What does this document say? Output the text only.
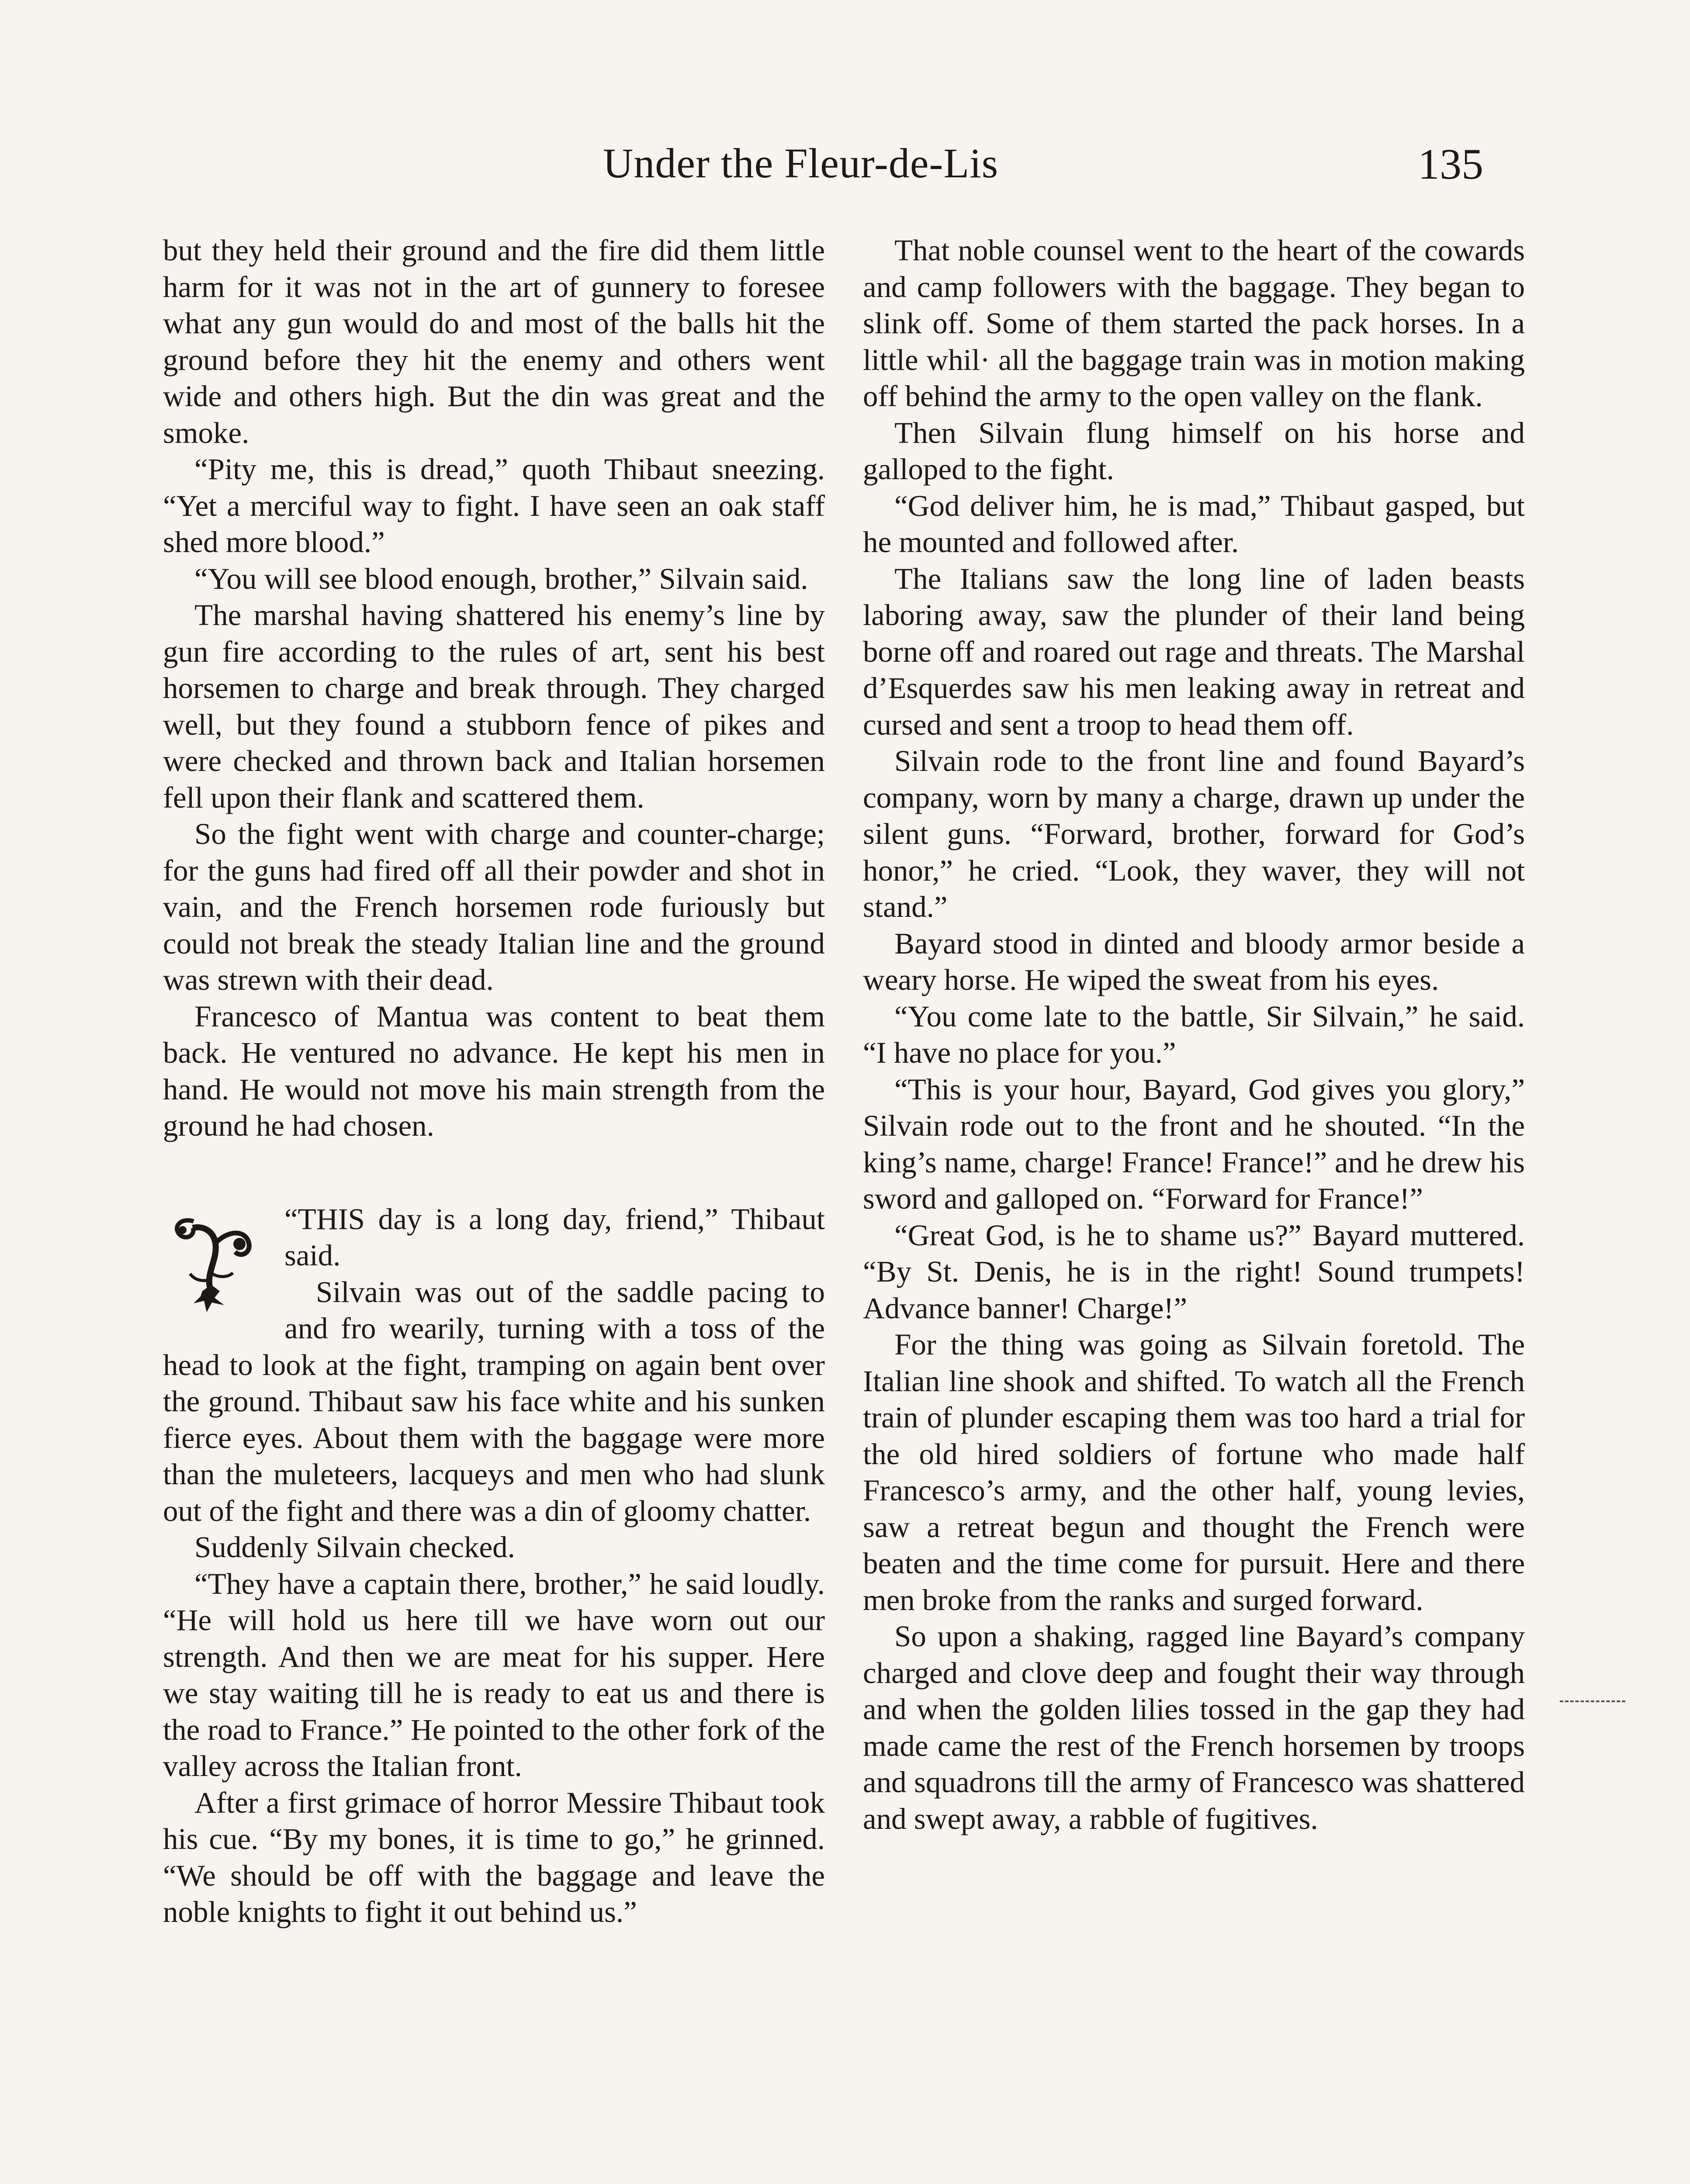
Under the Fleur-de-Lis	135

but they held their ground and the fire did them little harm for it was not in the art of gunnery to foresee what any gun would do and most of the balls hit the ground before they hit the enemy and others went wide and others high. But the din was great and the smoke.

“Pity me, this is dread,” quoth Thibaut sneezing. “Yet a merciful way to fight. I have seen an oak staff shed more blood.”

“You will see blood enough, brother,” Silvain said.

The marshal having shattered his enemy’s line by gun fire according to the rules of art, sent his best horsemen to charge and break through. They charged well, but they found a stubborn fence of pikes and were checked and thrown back and Italian horsemen fell upon their flank and scattered them.

So the fight went with charge and counter-charge; for the guns had fired off all their powder and shot in vain, and the French horsemen rode furiously but could not break the steady Italian line and the ground was strewn with their dead.

Francesco of Mantua was content to beat them back. He ventured no advance. He kept his men in hand. He would not move his main strength from the ground he had chosen.

“THIS day is a long day, friend,” Thibaut said.

Silvain was out of the saddle pacing to and fro wearily, turning with a toss of the head to look at the fight, tramping on again bent over the ground. Thibaut saw his face white and his sunken fierce eyes. About them with the baggage were more than the muleteers, lacqueys and men who had slunk out of the fight and there was a din of gloomy chatter.

Suddenly Silvain checked.

“They have a captain there, brother,” he said loudly. “He will hold us here till we have worn out our strength. And then we are meat for his supper. Here we stay waiting till he is ready to eat us and there is the road to France.” He pointed to the other fork of the valley across the Italian front.

After a first grimace of horror Messire Thibaut took his cue. “By my bones, it is time to go,” he grinned. “We should be off with the baggage and leave the noble knights to fight it out behind us.”

That noble counsel went to the heart of the cowards and camp followers with the baggage. They began to slink off. Some of them started the pack horses. In a little whil· all the baggage train was in motion making off behind the army to the open valley on the flank.

Then Silvain flung himself on his horse and galloped to the fight.

“God deliver him, he is mad,” Thibaut gasped, but he mounted and followed after.

The Italians saw the long line of laden beasts laboring away, saw the plunder of their land being borne off and roared out rage and threats. The Marshal d’Esquerdes saw his men leaking away in retreat and cursed and sent a troop to head them off.

Silvain rode to the front line and found Bayard’s company, worn by many a charge, drawn up under the silent guns. “Forward, brother, forward for God’s honor,” he cried. “Look, they waver, they will not stand.”

Bayard stood in dinted and bloody armor beside a weary horse. He wiped the sweat from his eyes.

“You come late to the battle, Sir Silvain,” he said. “I have no place for you.”

“This is your hour, Bayard, God gives you glory,” Silvain rode out to the front and he shouted. “In the king’s name, charge! France! France!” and he drew his sword and galloped on. “Forward for France!”

“Great God, is he to shame us?” Bayard muttered. “By St. Denis, he is in the right! Sound trumpets! Advance banner! Charge!”

For the thing was going as Silvain foretold. The Italian line shook and shifted. To watch all the French train of plunder escaping them was too hard a trial for the old hired soldiers of fortune who made half Francesco’s army, and the other half, young levies, saw a retreat begun and thought the French were beaten and the time come for pursuit. Here and there men broke from the ranks and surged forward.

So upon a shaking, ragged line Bayard’s company charged and clove deep and fought their way through and when the golden lilies tossed in the gap they had made came the rest of the French horsemen by troops and squadrons till the army of Francesco was shattered and swept away, a rabble of fugitives.
